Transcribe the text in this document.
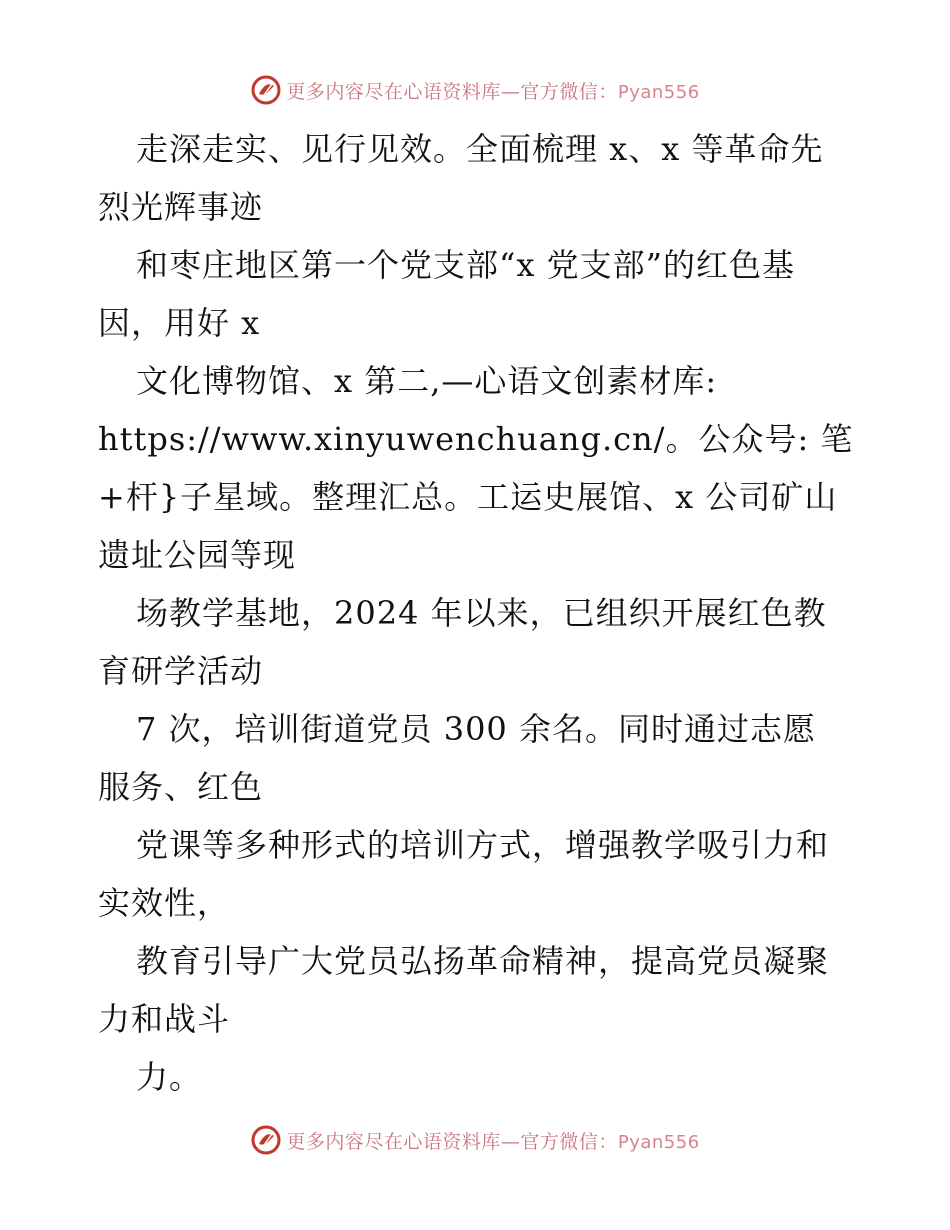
更多内容尽在心语资料库—官方微信：Pyan556
走深走实、见行见效。全面梳理 x、x 等革命先
烈光辉事迹
和枣庄地区第一个党支部“x 党支部”的红色基
因，用好 x
文化博物馆、x 第二,—心语文创素材库:
https://www.xinyuwenchuang.cn/。公众号: 笔
+杆}子星域。整理汇总。工运史展馆、x 公司矿山
遗址公园等现
场教学基地，2024 年以来，已组织开展红色教
育研学活动
7 次，培训街道党员 300 余名。同时通过志愿
服务、红色
党课等多种形式的培训方式，增强教学吸引力和
实效性，
教育引导广大党员弘扬革命精神，提高党员凝聚
力和战斗
力。
更多内容尽在心语资料库—官方微信：Pyan556
